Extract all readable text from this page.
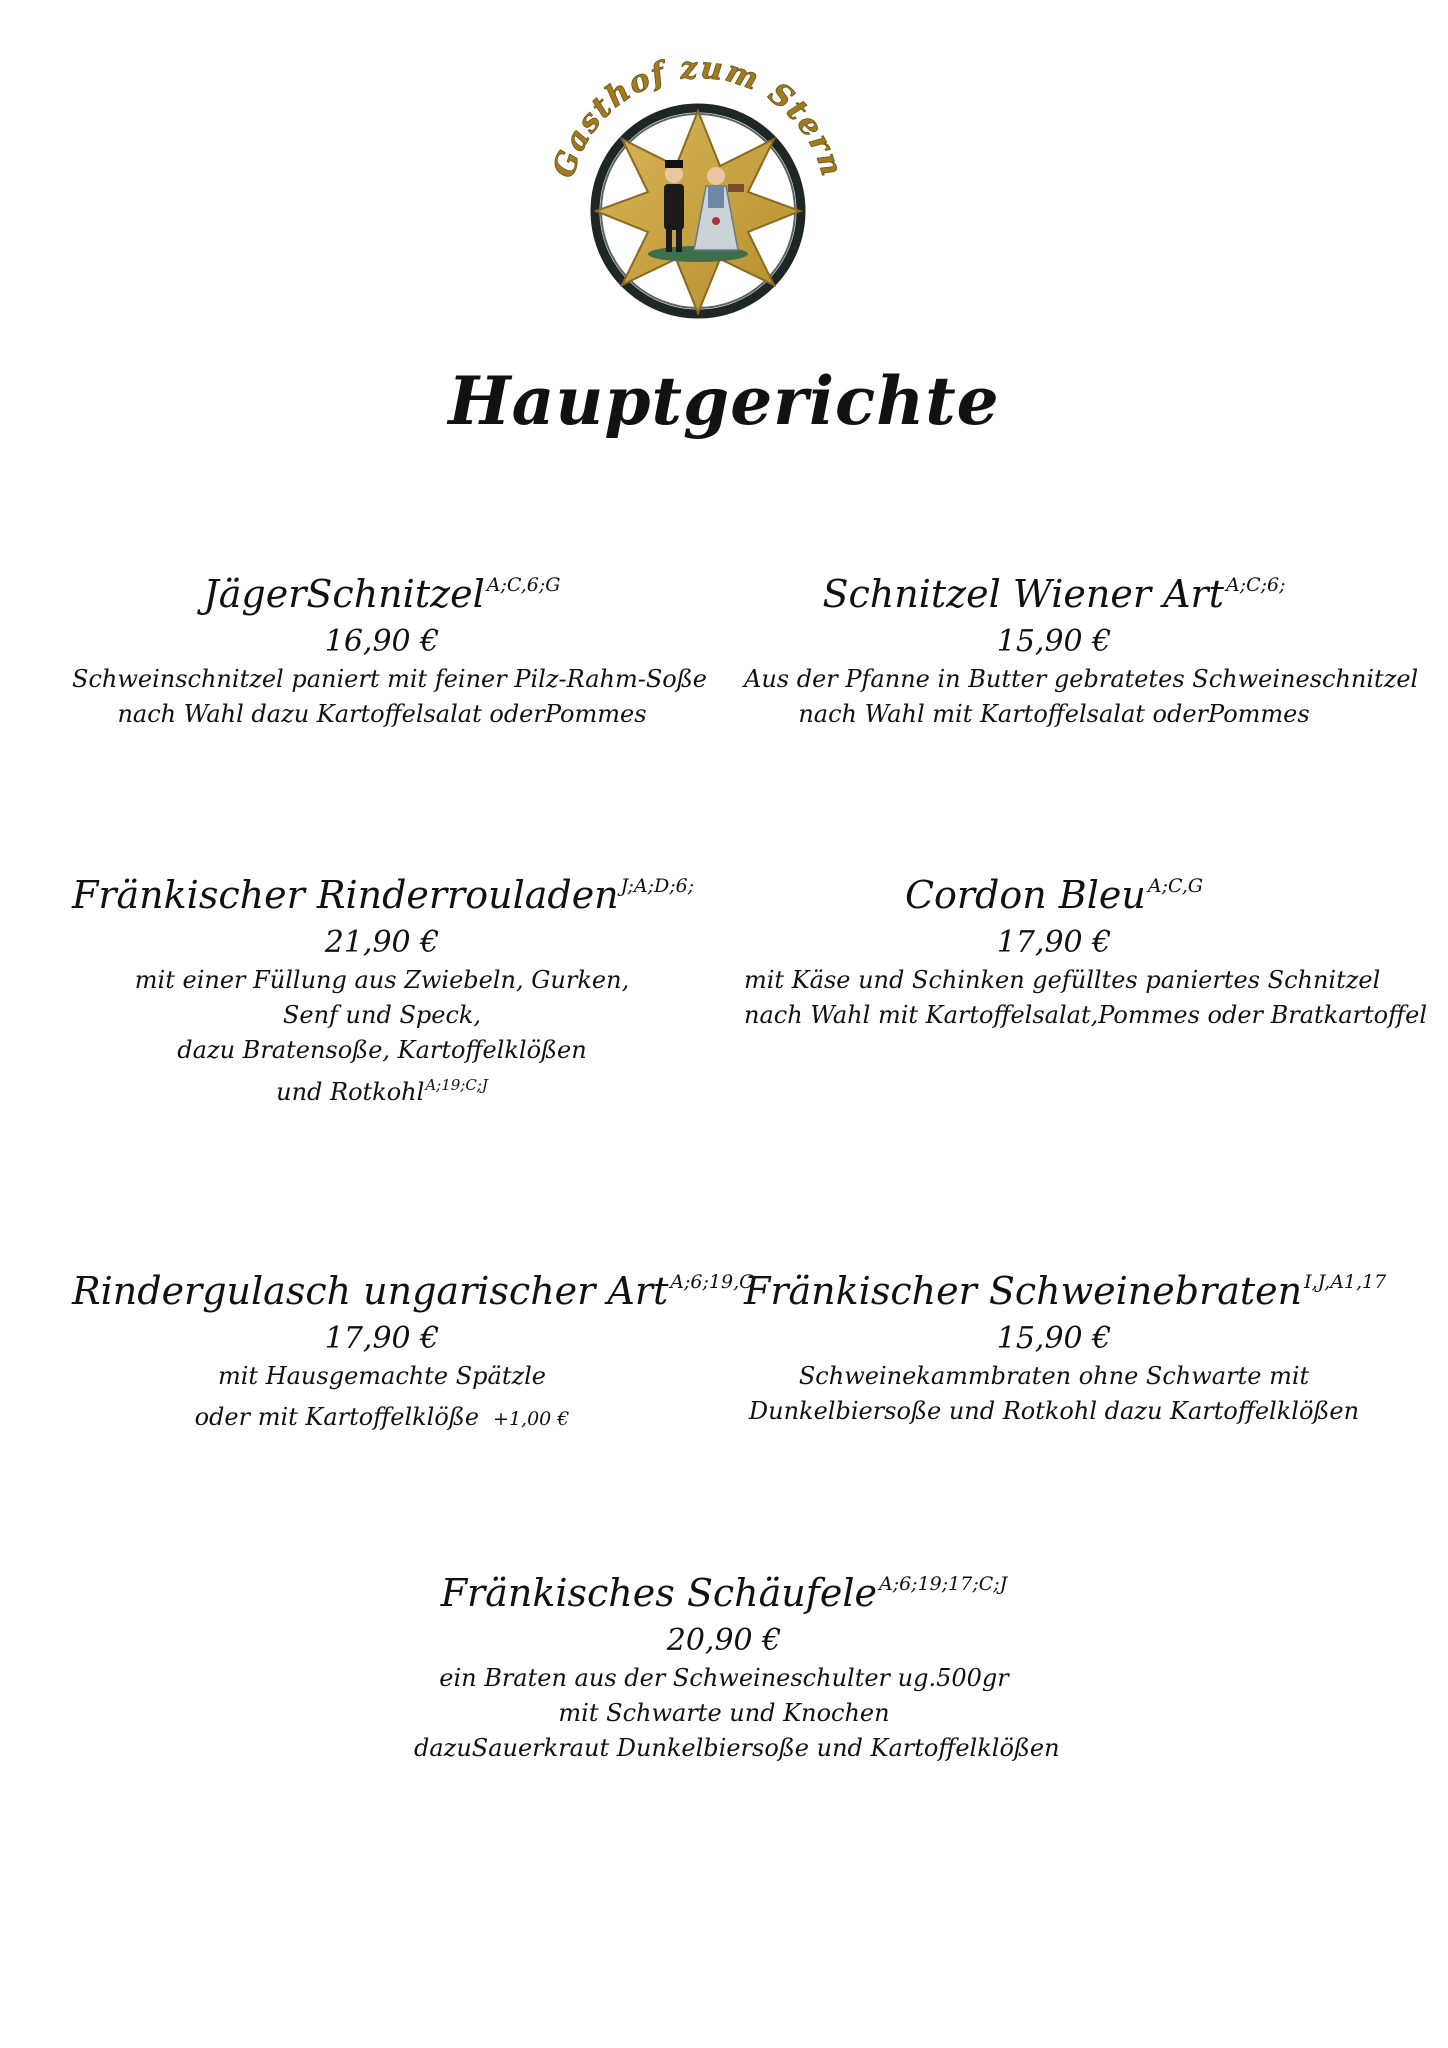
Gasthof zum Stern
Hauptgerichte
JägerSchnitzel $^{A;C,6;G}$
16,90 €
Schweinschnitzel paniert mit feiner Pilz-Rahm-Soße
nach Wahl dazu Kartoffelsalat oderPommes
Schnitzel Wiener Art $^{A;C;6;}$
15,90 €
Aus der Pfanne in Butter gebratetes Schweineschnitzel
nach Wahl mit Kartoffelsalat oderPommes
Fränkischer Rinderrouladen $^{J;A;D;6;}$
21,90 €
mit einer Füllung aus Zwiebeln, Gurken,
Senf und Speck,
dazu Bratensoße, Kartoffelklößen
und Rotkohl$^{A;19;C;J}$
Cordon Bleu $^{A;C,G}$
17,90 €
mit Käse und Schinken gefülltes paniertes Schnitzel
nach Wahl mit Kartoffelsalat,Pommes oder Bratkartoffel
Rindergulasch ungarischer Art $^{A;6;19,C}$
17,90 €
mit Hausgemachte Spätzle
oder mit Kartoffelklöße +1,00 €
Fränkischer Schweinebraten $^{I,J,A1,17}$
15,90 €
Schweinekammbraten ohne Schwarte mit
Dunkelbiersoße und Rotkohl dazu Kartoffelklößen
Fränkisches Schäufele $^{A;6;19;17;C;J}$
20,90 €
ein Braten aus der Schweineschulter ug.500gr
mit Schwarte und Knochen
dazuSauerkraut Dunkelbiersoße und Kartoffelklößen
